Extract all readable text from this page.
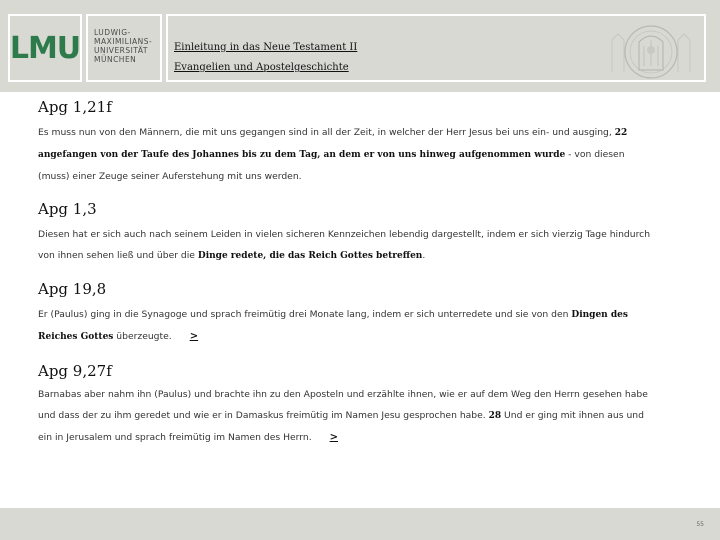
LMU LUDWIG-
MAXIMILIANS-
UNIVERSITÄT
MÜNCHEN
Einleitung in das Neue Testament II
Evangelien und Apostelgeschichte
Apg 1,21f

Es muss nun von den Männern, die mit uns gegangen sind in all der Zeit, in welcher der Herr Jesus bei uns ein- und ausging, 22 angefangen von der Taufe des Johannes bis zu dem Tag, an dem er von uns hinweg aufgenommen wurde - von diesen (muss) einer Zeuge seiner Auferstehung mit uns werden.

Apg 1,3

Diesen hat er sich auch nach seinem Leiden in vielen sicheren Kennzeichen lebendig dargestellt, indem er sich vierzig Tage hindurch von ihnen sehen ließ und über die Dinge redete, die das Reich Gottes betreffen.

Apg 19,8

Er (Paulus) ging in die Synagoge und sprach freimütig drei Monate lang, indem er sich unterredete und sie von den Dingen des Reiches Gottes überzeugte. >

Apg 9,27f

Barnabas aber nahm ihn (Paulus) und brachte ihn zu den Aposteln und erzählte ihnen, wie er auf dem Weg den Herrn gesehen habe und dass der zu ihm geredet und wie er in Damaskus freimütig im Namen Jesu gesprochen habe. 28 Und er ging mit ihnen aus und ein in Jerusalem und sprach freimütig im Namen des Herrn. >

55
